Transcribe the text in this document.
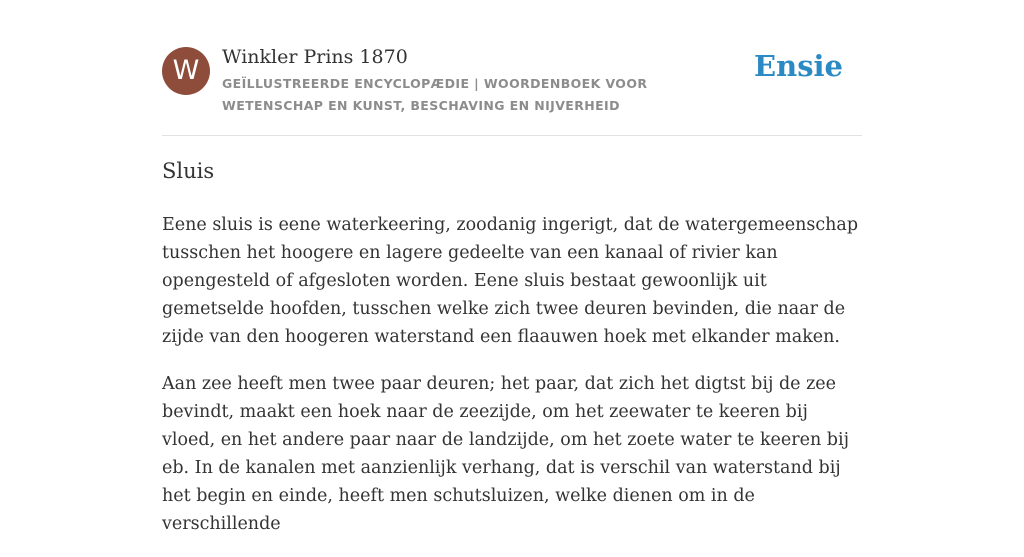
W	Winkler Prins 1870
GEÏLLUSTREERDE ENCYCLOPÆDIE | WOORDENBOEK VOOR WETENSCHAP EN KUNST, BESCHAVING EN NIJVERHEID
Ensie
Sluis

Eene sluis is eene waterkeering, zoodanig ingerigt, dat de watergemeenschap tusschen het hoogere en lagere gedeelte van een kanaal of rivier kan opengesteld of afgesloten worden. Eene sluis bestaat gewoonlijk uit gemetselde hoofden, tusschen welke zich twee deuren bevinden, die naar de zijde van den hoogeren waterstand een flaauwen hoek met elkander maken.

Aan zee heeft men twee paar deuren; het paar, dat zich het digtst bij de zee bevindt, maakt een hoek naar de zeezijde, om het zeewater te keeren bij vloed, en het andere paar naar de landzijde, om het zoete water te keeren bij eb. In de kanalen met aanzienlijk verhang, dat is verschil van waterstand bij het begin en einde, heeft men schutsluizen, welke dienen om in de verschillende
